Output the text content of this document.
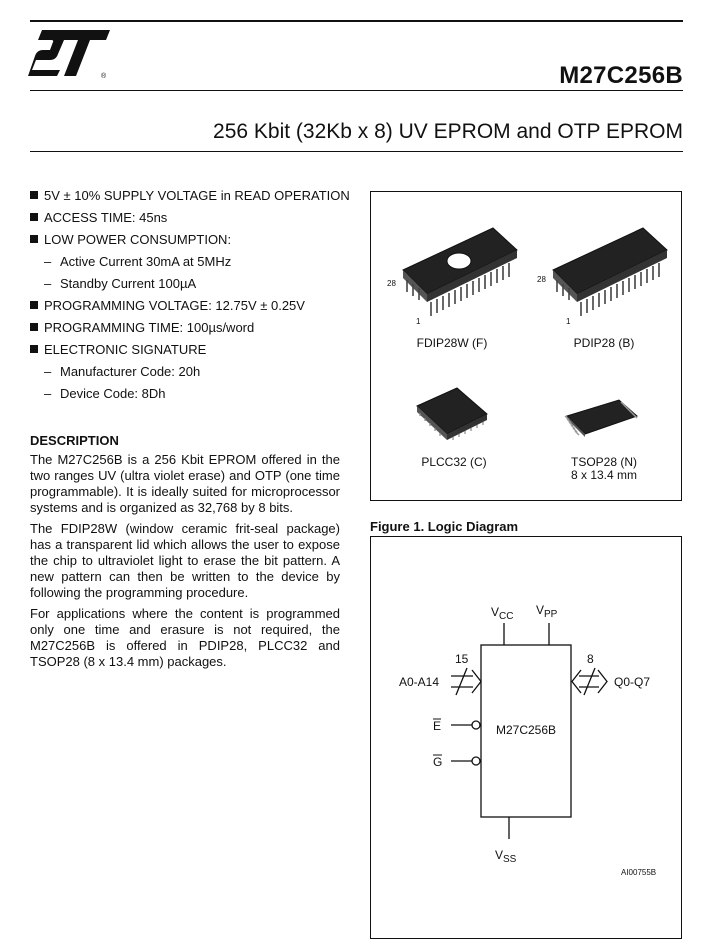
®	M27C256B
256 Kbit (32Kb x 8) UV EPROM and OTP EPROM
5V ± 10% SUPPLY VOLTAGE in READ OPERATION
ACCESS TIME: 45ns
LOW POWER CONSUMPTION:
– Active Current 30mA at 5MHz
– Standby Current 100µA
PROGRAMMING VOLTAGE: 12.75V ± 0.25V
PROGRAMMING TIME: 100µs/word
ELECTRONIC SIGNATURE
– Manufacturer Code: 20h
– Device Code: 8Dh
DESCRIPTION

The M27C256B is a 256 Kbit EPROM offered in the two ranges UV (ultra violet erase) and OTP (one time programmable). It is ideally suited for microprocessor systems and is organized as 32,768 by 8 bits.

The FDIP28W (window ceramic frit-seal package) has a transparent lid which allows the user to expose the chip to ultraviolet light to erase the bit pattern. A new pattern can then be written to the device by following the programming procedure.

For applications where the content is programmed only one time and erasure is not required, the M27C256B is offered in PDIP28, PLCC32 and TSOP28 (8 x 13.4 mm) packages.

28
1
FDIP28W (F)
28
1
PDIP28 (B)
PLCC32 (C)	TSOP28 (N)
8 x 13.4 mm
Figure 1. Logic Diagram
M27C256B
$V_{CC}$ $V_{PP}$
15
A0-A14
8
Q0-Q7
E
G
$V_{SS}$
AI00755B
